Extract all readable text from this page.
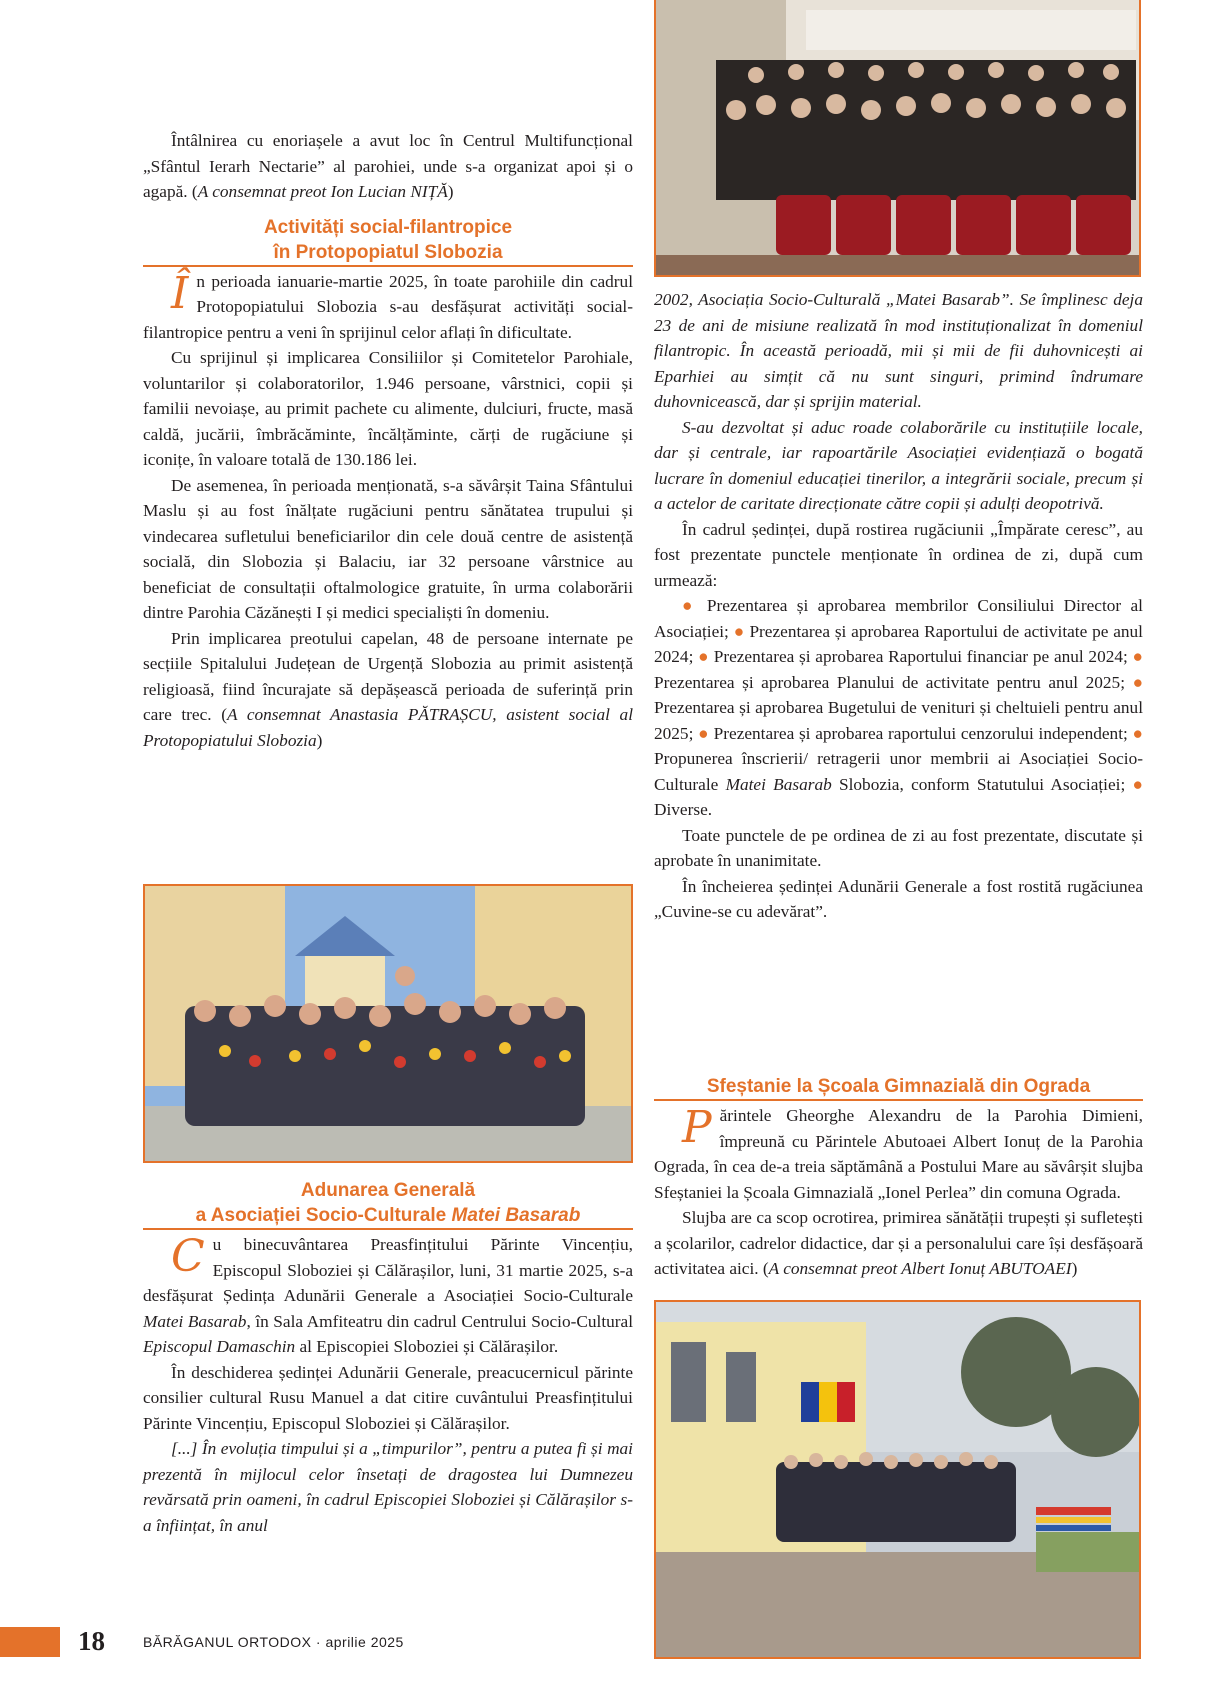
Întâlnirea cu enoriașele a avut loc în Centrul Multifuncțional „Sfântul Ierarh Nectarie” al parohiei, unde s-a organizat apoi și o agapă. (A consemnat preot Ion Lucian NIȚĂ)

Activități social-filantropice
în Protopopiatul Slobozia

În perioada ianuarie-martie 2025, în toate parohiile din cadrul Protopopiatului Slobozia s-au desfășurat activități social-filantropice pentru a veni în sprijinul celor aflați în dificultate.

Cu sprijinul și implicarea Consiliilor și Comitetelor Parohiale, voluntarilor și colaboratorilor, 1.946 persoane, vârstnici, copii și familii nevoiașe, au primit pachete cu alimente, dulciuri, fructe, masă caldă, jucării, îmbrăcăminte, încălțăminte, cărți de rugăciune și iconițe, în valoare totală de 130.186 lei.

De asemenea, în perioada menționată, s-a săvârșit Taina Sfântului Maslu și au fost înălțate rugăciuni pentru sănătatea trupului și vindecarea sufletului beneficiarilor din cele două centre de asistență socială, din Slobozia și Balaciu, iar 32 persoane vârstnice au beneficiat de consultații oftalmologice gratuite, în urma colaborării dintre Parohia Căzănești I și medici specialiști în domeniu.

Prin implicarea preotului capelan, 48 de persoane internate pe secțiile Spitalului Județean de Urgență Slobozia au primit asistență religioasă, fiind încurajate să depășească perioada de suferință prin care trec. (A consemnat Anastasia PĂTRAȘCU, asistent social al Protopopiatului Slobozia)

Adunarea Generală
a Asociației Socio-Culturale Matei Basarab

Cu binecuvântarea Preasfințitului Părinte Vincențiu, Episcopul Sloboziei și Călărașilor, luni, 31 martie 2025, s-a desfășurat Ședința Adunării Generale a Asociației Socio-Culturale Matei Basarab, în Sala Amfiteatru din cadrul Centrului Socio-Cultural Episcopul Damaschin al Episcopiei Sloboziei și Călărașilor.

În deschiderea ședinței Adunării Generale, preacucernicul părinte consilier cultural Rusu Manuel a dat citire cuvântului Preasfințitului Părinte Vincențiu, Episcopul Sloboziei și Călărașilor.

[...] În evoluția timpului și a „timpurilor”, pentru a putea fi și mai prezentă în mijlocul celor însetați de dragostea lui Dumnezeu revărsată prin oameni, în cadrul Episcopiei Sloboziei și Călărașilor s-a înființat, în anul

2002, Asociația Socio-Culturală „Matei Basarab”. Se împlinesc deja 23 de ani de misiune realizată în mod instituționalizat în domeniul filantropic. În această perioadă, mii și mii de fii duhovnicești ai Eparhiei au simțit că nu sunt singuri, primind îndrumare duhovnicească, dar și sprijin material.

S-au dezvoltat și aduc roade colaborările cu instituțiile locale, dar și centrale, iar rapoartările Asociației evidențiază o bogată lucrare în domeniul educației tinerilor, a integrării sociale, precum și a actelor de caritate direcționate către copii și adulți deopotrivă.

În cadrul ședinței, după rostirea rugăciunii „Împărate ceresc”, au fost prezentate punctele menționate în ordinea de zi, după cum urmează:

● Prezentarea și aprobarea membrilor Consiliului Director al Asociației; ● Prezentarea și aprobarea Raportului de activitate pe anul 2024; ● Prezentarea și aprobarea Raportului financiar pe anul 2024; ● Prezentarea și aprobarea Planului de activitate pentru anul 2025; ● Prezentarea și aprobarea Bugetului de venituri și cheltuieli pentru anul 2025; ● Prezentarea și aprobarea raportului cenzorului independent; ● Propunerea înscrierii/ retragerii unor membrii ai Asociației Socio-Culturale Matei Basarab Slobozia, conform Statutului Asociației; ● Diverse.

Toate punctele de pe ordinea de zi au fost prezentate, discutate și aprobate în unanimitate.

În încheierea ședinței Adunării Generale a fost rostită rugăciunea „Cuvine-se cu adevărat”.

Sfeștanie la Școala Gimnazială din Ograda

Părintele Gheorghe Alexandru de la Parohia Dimieni, împreună cu Părintele Abutoaei Albert Ionuț de la Parohia Ograda, în cea de-a treia săptămână a Postului Mare au săvârșit slujba Sfeștaniei la Școala Gimnazială „Ionel Perlea” din comuna Ograda.

Slujba are ca scop ocrotirea, primirea sănătății trupești și sufletești a școlarilor, cadrelor didactice, dar și a personalului care își desfășoară activitatea aici. (A consemnat preot Albert Ionuț ABUTOAEI)

18	BĂRĂGANUL ORTODOX · aprilie 2025
